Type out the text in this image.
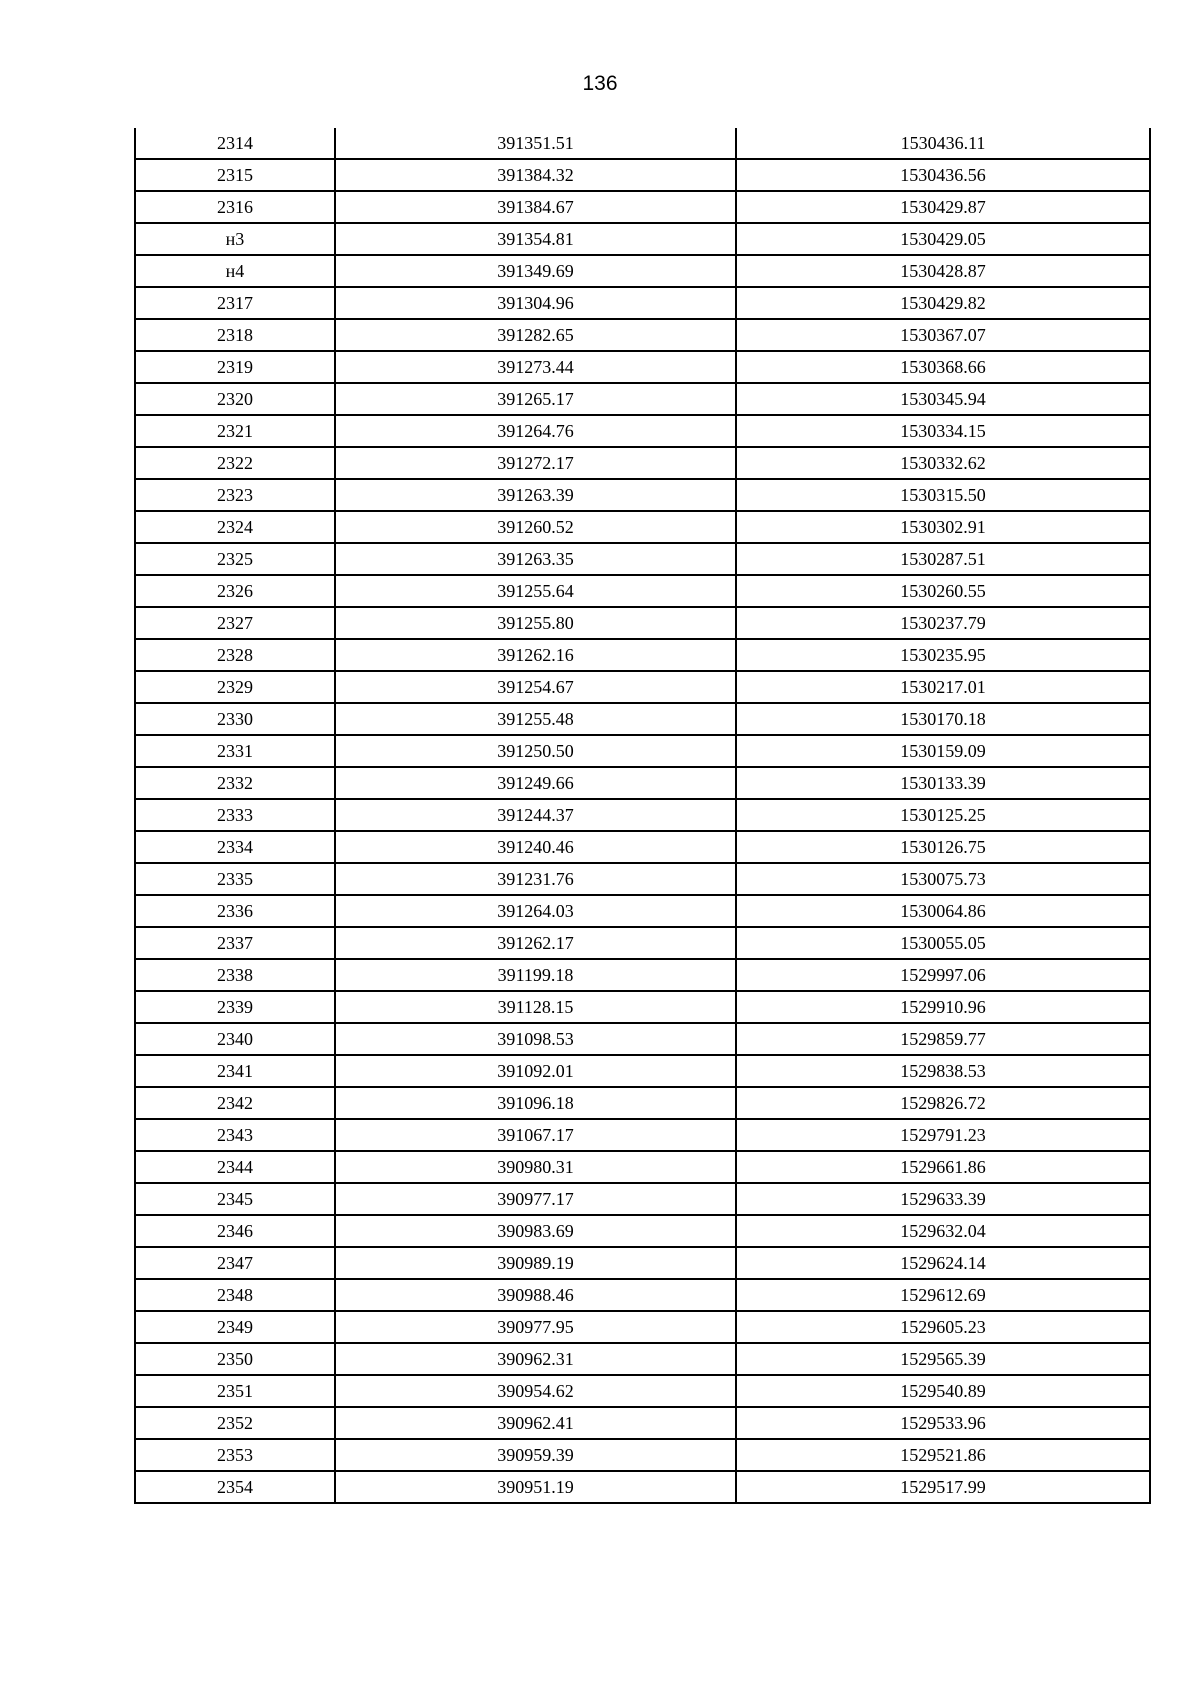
136
2314	391351.51	1530436.11
2315	391384.32	1530436.56
2316	391384.67	1530429.87
н3	391354.81	1530429.05
н4	391349.69	1530428.87
2317	391304.96	1530429.82
2318	391282.65	1530367.07
2319	391273.44	1530368.66
2320	391265.17	1530345.94
2321	391264.76	1530334.15
2322	391272.17	1530332.62
2323	391263.39	1530315.50
2324	391260.52	1530302.91
2325	391263.35	1530287.51
2326	391255.64	1530260.55
2327	391255.80	1530237.79
2328	391262.16	1530235.95
2329	391254.67	1530217.01
2330	391255.48	1530170.18
2331	391250.50	1530159.09
2332	391249.66	1530133.39
2333	391244.37	1530125.25
2334	391240.46	1530126.75
2335	391231.76	1530075.73
2336	391264.03	1530064.86
2337	391262.17	1530055.05
2338	391199.18	1529997.06
2339	391128.15	1529910.96
2340	391098.53	1529859.77
2341	391092.01	1529838.53
2342	391096.18	1529826.72
2343	391067.17	1529791.23
2344	390980.31	1529661.86
2345	390977.17	1529633.39
2346	390983.69	1529632.04
2347	390989.19	1529624.14
2348	390988.46	1529612.69
2349	390977.95	1529605.23
2350	390962.31	1529565.39
2351	390954.62	1529540.89
2352	390962.41	1529533.96
2353	390959.39	1529521.86
2354	390951.19	1529517.99
